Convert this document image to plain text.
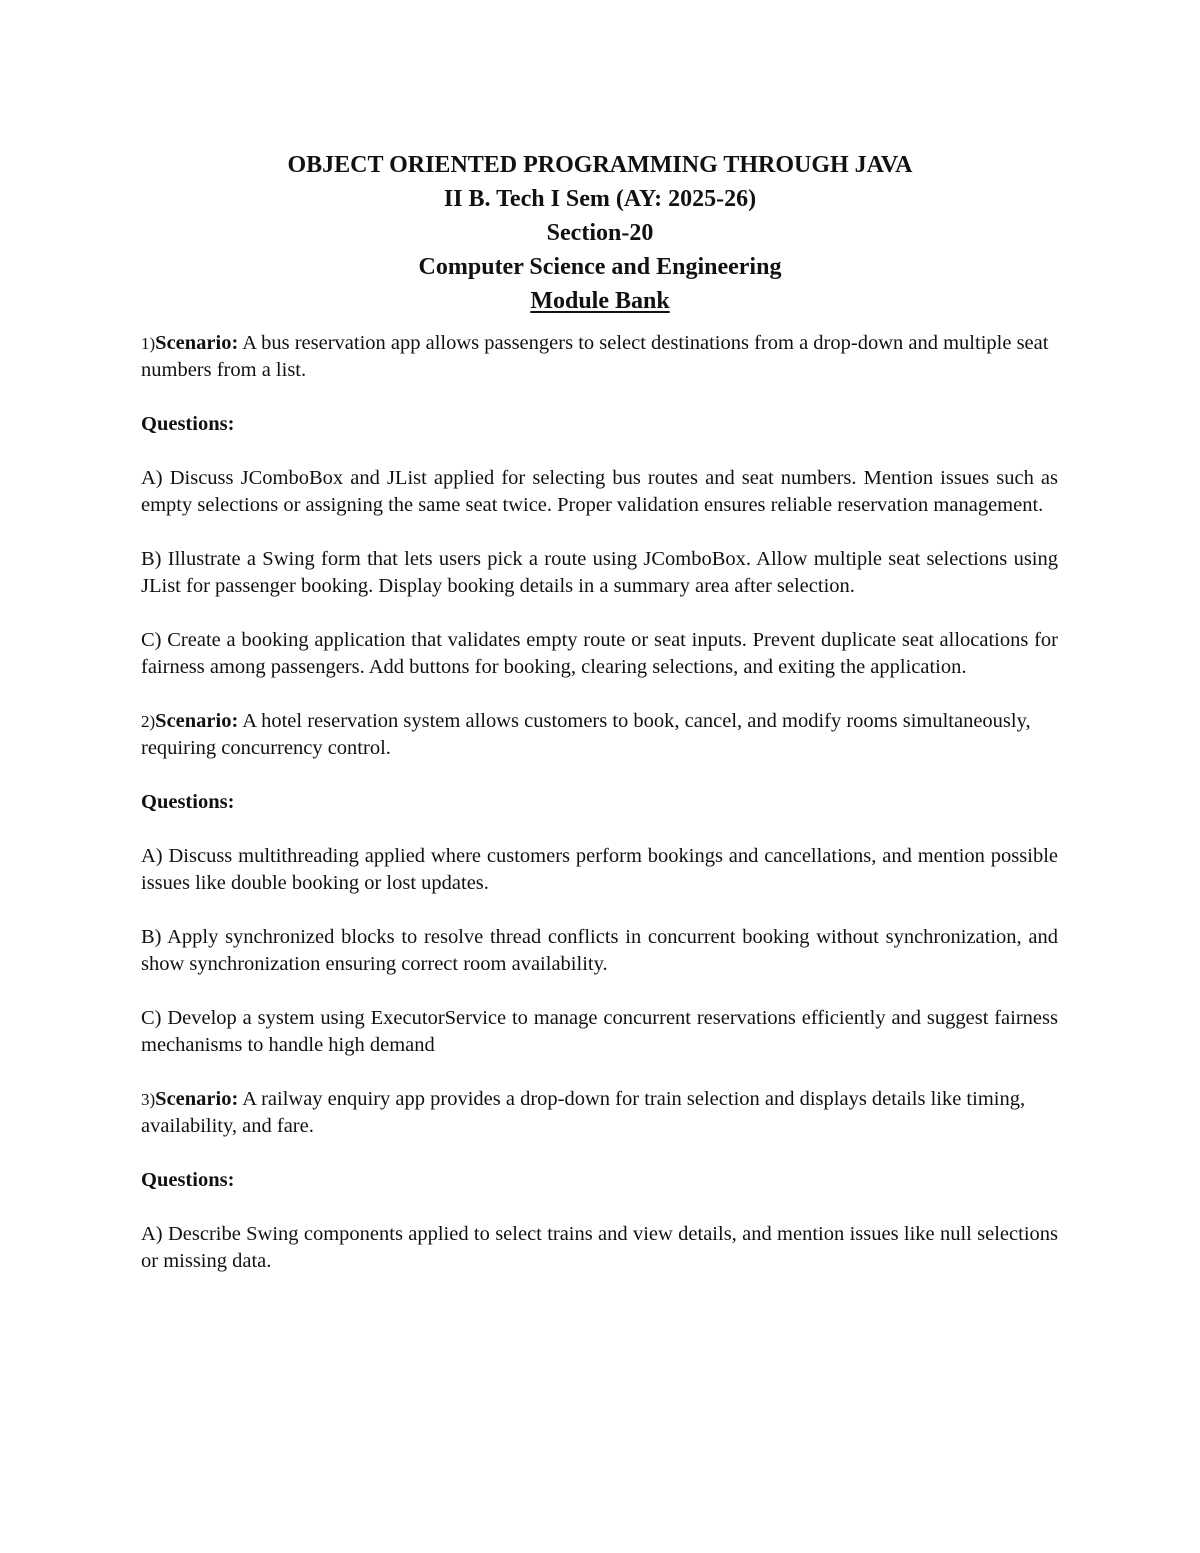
OBJECT ORIENTED PROGRAMMING THROUGH JAVA

II B. Tech I Sem (AY: 2025-26)

Section-20

Computer Science and Engineering

Module Bank

1)Scenario: A bus reservation app allows passengers to select destinations from a drop-down and multiple seat numbers from a list.

Questions:

A) Discuss JComboBox and JList applied for selecting bus routes and seat numbers. Mention issues such as empty selections or assigning the same seat twice. Proper validation ensures reliable reservation management.

B) Illustrate a Swing form that lets users pick a route using JComboBox. Allow multiple seat selections using JList for passenger booking. Display booking details in a summary area after selection.

C) Create a booking application that validates empty route or seat inputs. Prevent duplicate seat allocations for fairness among passengers. Add buttons for booking, clearing selections, and exiting the application.

2)Scenario: A hotel reservation system allows customers to book, cancel, and modify rooms simultaneously, requiring concurrency control.

Questions:

A) Discuss multithreading applied where customers perform bookings and cancellations, and mention possible issues like double booking or lost updates.

B) Apply synchronized blocks to resolve thread conflicts in concurrent booking without synchronization, and show synchronization ensuring correct room availability.

C) Develop a system using ExecutorService to manage concurrent reservations efficiently and suggest fairness mechanisms to handle high demand

3)Scenario: A railway enquiry app provides a drop-down for train selection and displays details like timing, availability, and fare.

Questions:

A) Describe Swing components applied to select trains and view details, and mention issues like null selections or missing data.
